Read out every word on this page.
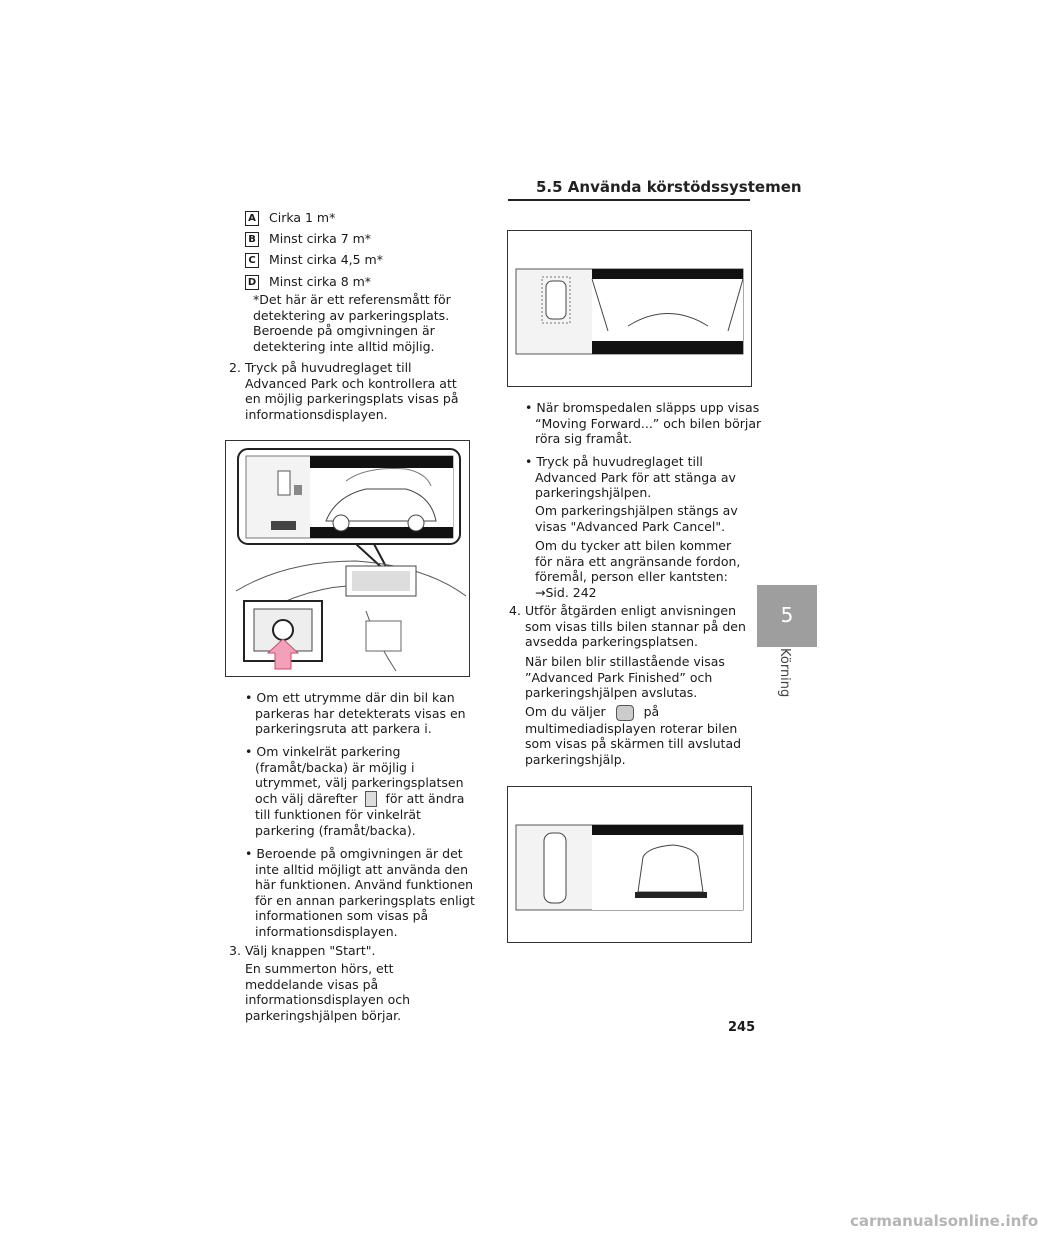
5.5 Använda körstödssystemen
5
Körning
A Cirka 1 m*
B Minst cirka 7 m*
C Minst cirka 4,5 m*
D Minst cirka 8 m*
*Det här är ett referensmått för detektering av parkeringsplats. Beroende på omgivningen är detektering inte alltid möjlig.
2. Tryck på huvudreglaget till Advanced Park och kontrollera att en möjlig parkeringsplats visas på informationsdisplayen.
• Om ett utrymme där din bil kan parkeras har detekterats visas en parkeringsruta att parkera i.
• Om vinkelrät parkering (framåt/backa) är möjlig i utrymmet, välj parkeringsplatsen och välj därefter för att ändra till funktionen för vinkelrät parkering (framåt/backa).
• Beroende på omgivningen är det inte alltid möjligt att använda den här funktionen. Använd funktionen för en annan parkeringsplats enligt informationen som visas på informationsdisplayen.
3. Välj knappen "Start".
En summerton hörs, ett meddelande visas på informationsdisplayen och parkeringshjälpen börjar.
• När bromspedalen släpps upp visas “Moving Forward...” och bilen börjar röra sig framåt.
• Tryck på huvudreglaget till Advanced Park för att stänga av parkeringshjälpen.
Om parkeringshjälpen stängs av visas "Advanced Park Cancel".
Om du tycker att bilen kommer för nära ett angränsande fordon, föremål, person eller kantsten:
→Sid. 242
4. Utför åtgärden enligt anvisningen som visas tills bilen stannar på den avsedda parkeringsplatsen.
När bilen blir stillastående visas ”Advanced Park Finished” och parkeringshjälpen avslutas.
Om du väljer	på multimediadisplayen roterar bilen som visas på skärmen till avslutad parkeringshjälp.
245
carmanualsonline.info
